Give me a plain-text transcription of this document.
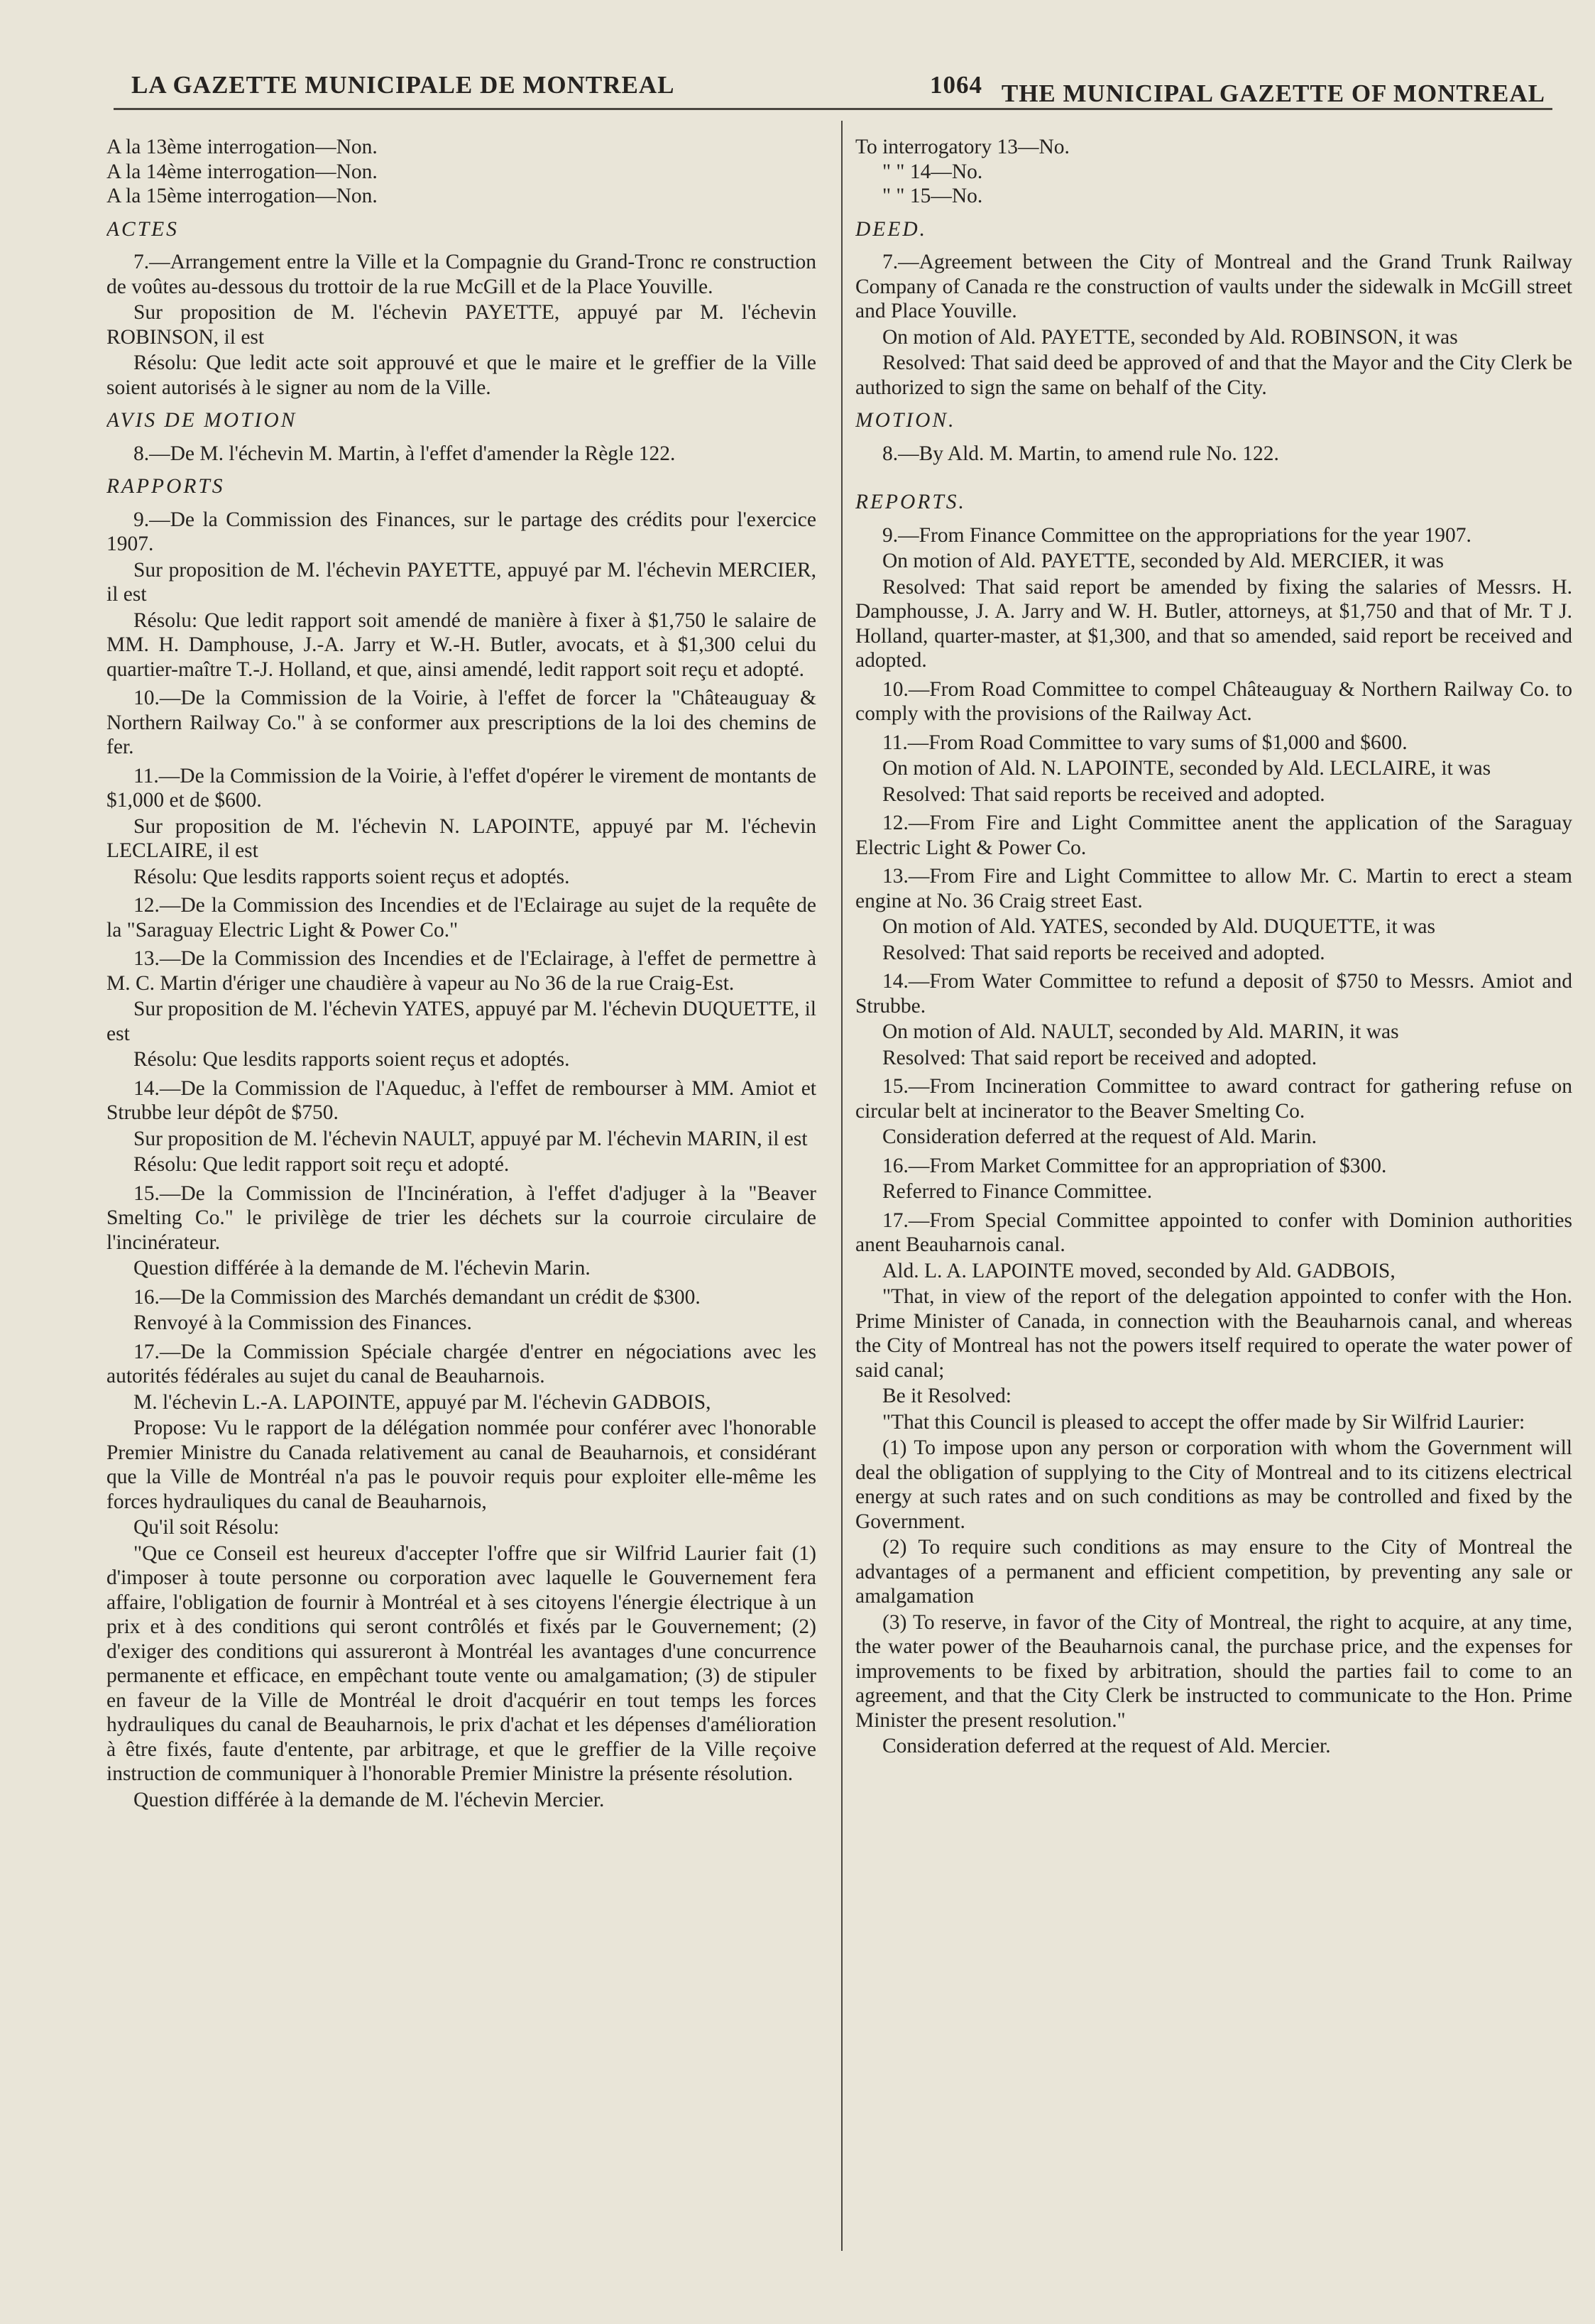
LA GAZETTE MUNICIPALE DE MONTREAL	1064 THE MUNICIPAL GAZETTE OF MONTREAL

A la 13ème interrogation—Non.

A la 14ème interrogation—Non.

A la 15ème interrogation—Non.

ACTES

7.—Arrangement entre la Ville et la Compagnie du Grand-Tronc re construction de voûtes au-dessous du trottoir de la rue McGill et de la Place Youville.

Sur proposition de M. l'échevin PAYETTE, appuyé par M. l'échevin ROBINSON, il est

Résolu: Que ledit acte soit approuvé et que le maire et le greffier de la Ville soient autorisés à le signer au nom de la Ville.

AVIS DE MOTION

8.—De M. l'échevin M. Martin, à l'effet d'amender la Règle 122.

RAPPORTS

9.—De la Commission des Finances, sur le partage des crédits pour l'exercice 1907.

Sur proposition de M. l'échevin PAYETTE, appuyé par M. l'échevin MERCIER, il est

Résolu: Que ledit rapport soit amendé de manière à fixer à $1,750 le salaire de MM. H. Damphouse, J.-A. Jarry et W.-H. Butler, avocats, et à $1,300 celui du quartier-maître T.-J. Holland, et que, ainsi amendé, ledit rapport soit reçu et adopté.

10.—De la Commission de la Voirie, à l'effet de forcer la "Châteauguay & Northern Railway Co." à se conformer aux prescriptions de la loi des chemins de fer.

11.—De la Commission de la Voirie, à l'effet d'opérer le virement de montants de $1,000 et de $600.

Sur proposition de M. l'échevin N. LAPOINTE, appuyé par M. l'échevin LECLAIRE, il est

Résolu: Que lesdits rapports soient reçus et adoptés.

12.—De la Commission des Incendies et de l'Eclairage au sujet de la requête de la "Saraguay Electric Light & Power Co."

13.—De la Commission des Incendies et de l'Eclairage, à l'effet de permettre à M. C. Martin d'ériger une chaudière à vapeur au No 36 de la rue Craig-Est.

Sur proposition de M. l'échevin YATES, appuyé par M. l'échevin DUQUETTE, il est

Résolu: Que lesdits rapports soient reçus et adoptés.

14.—De la Commission de l'Aqueduc, à l'effet de rembourser à MM. Amiot et Strubbe leur dépôt de $750.

Sur proposition de M. l'échevin NAULT, appuyé par M. l'échevin MARIN, il est

Résolu: Que ledit rapport soit reçu et adopté.

15.—De la Commission de l'Incinération, à l'effet d'adjuger à la "Beaver Smelting Co." le privilège de trier les déchets sur la courroie circulaire de l'incinérateur.

Question différée à la demande de M. l'échevin Marin.

16.—De la Commission des Marchés demandant un crédit de $300.

Renvoyé à la Commission des Finances.

17.—De la Commission Spéciale chargée d'entrer en négociations avec les autorités fédérales au sujet du canal de Beauharnois.

M. l'échevin L.-A. LAPOINTE, appuyé par M. l'échevin GADBOIS,

Propose: Vu le rapport de la délégation nommée pour conférer avec l'honorable Premier Ministre du Canada relativement au canal de Beauharnois, et considérant que la Ville de Montréal n'a pas le pouvoir requis pour exploiter elle-même les forces hydrauliques du canal de Beauharnois,

Qu'il soit Résolu:

"Que ce Conseil est heureux d'accepter l'offre que sir Wilfrid Laurier fait (1) d'imposer à toute personne ou corporation avec laquelle le Gouvernement fera affaire, l'obligation de fournir à Montréal et à ses citoyens l'énergie électrique à un prix et à des conditions qui seront contrôlés et fixés par le Gouvernement; (2) d'exiger des conditions qui assureront à Montréal les avantages d'une concurrence permanente et efficace, en empêchant toute vente ou amalgamation; (3) de stipuler en faveur de la Ville de Montréal le droit d'acquérir en tout temps les forces hydrauliques du canal de Beauharnois, le prix d'achat et les dépenses d'amélioration à être fixés, faute d'entente, par arbitrage, et que le greffier de la Ville reçoive instruction de communiquer à l'honorable Premier Ministre la présente résolution.

Question différée à la demande de M. l'échevin Mercier.

To interrogatory 13—No.

" " 14—No.

" " 15—No.

DEED.

7.—Agreement between the City of Montreal and the Grand Trunk Railway Company of Canada re the construction of vaults under the sidewalk in McGill street and Place Youville.

On motion of Ald. PAYETTE, seconded by Ald. ROBINSON, it was

Resolved: That said deed be approved of and that the Mayor and the City Clerk be authorized to sign the same on behalf of the City.

MOTION.

8.—By Ald. M. Martin, to amend rule No. 122.

REPORTS.

9.—From Finance Committee on the appropriations for the year 1907.

On motion of Ald. PAYETTE, seconded by Ald. MERCIER, it was

Resolved: That said report be amended by fixing the salaries of Messrs. H. Damphousse, J. A. Jarry and W. H. Butler, attorneys, at $1,750 and that of Mr. T J. Holland, quarter-master, at $1,300, and that so amended, said report be received and adopted.

10.—From Road Committee to compel Châteauguay & Northern Railway Co. to comply with the provisions of the Railway Act.

11.—From Road Committee to vary sums of $1,000 and $600.

On motion of Ald. N. LAPOINTE, seconded by Ald. LECLAIRE, it was

Resolved: That said reports be received and adopted.

12.—From Fire and Light Committee anent the application of the Saraguay Electric Light & Power Co.

13.—From Fire and Light Committee to allow Mr. C. Martin to erect a steam engine at No. 36 Craig street East.

On motion of Ald. YATES, seconded by Ald. DUQUETTE, it was

Resolved: That said reports be received and adopted.

14.—From Water Committee to refund a deposit of $750 to Messrs. Amiot and Strubbe.

On motion of Ald. NAULT, seconded by Ald. MARIN, it was

Resolved: That said report be received and adopted.

15.—From Incineration Committee to award contract for gathering refuse on circular belt at incinerator to the Beaver Smelting Co.

Consideration deferred at the request of Ald. Marin.

16.—From Market Committee for an appropriation of $300.

Referred to Finance Committee.

17.—From Special Committee appointed to confer with Dominion authorities anent Beauharnois canal.

Ald. L. A. LAPOINTE moved, seconded by Ald. GADBOIS,

"That, in view of the report of the delegation appointed to confer with the Hon. Prime Minister of Canada, in connection with the Beauharnois canal, and whereas the City of Montreal has not the powers itself required to operate the water power of said canal;

Be it Resolved:

"That this Council is pleased to accept the offer made by Sir Wilfrid Laurier:

(1) To impose upon any person or corporation with whom the Government will deal the obligation of supplying to the City of Montreal and to its citizens electrical energy at such rates and on such conditions as may be controlled and fixed by the Government.

(2) To require such conditions as may ensure to the City of Montreal the advantages of a permanent and efficient competition, by preventing any sale or amalgamation

(3) To reserve, in favor of the City of Montreal, the right to acquire, at any time, the water power of the Beauharnois canal, the purchase price, and the expenses for improvements to be fixed by arbitration, should the parties fail to come to an agreement, and that the City Clerk be instructed to communicate to the Hon. Prime Minister the present resolution."

Consideration deferred at the request of Ald. Mercier.
